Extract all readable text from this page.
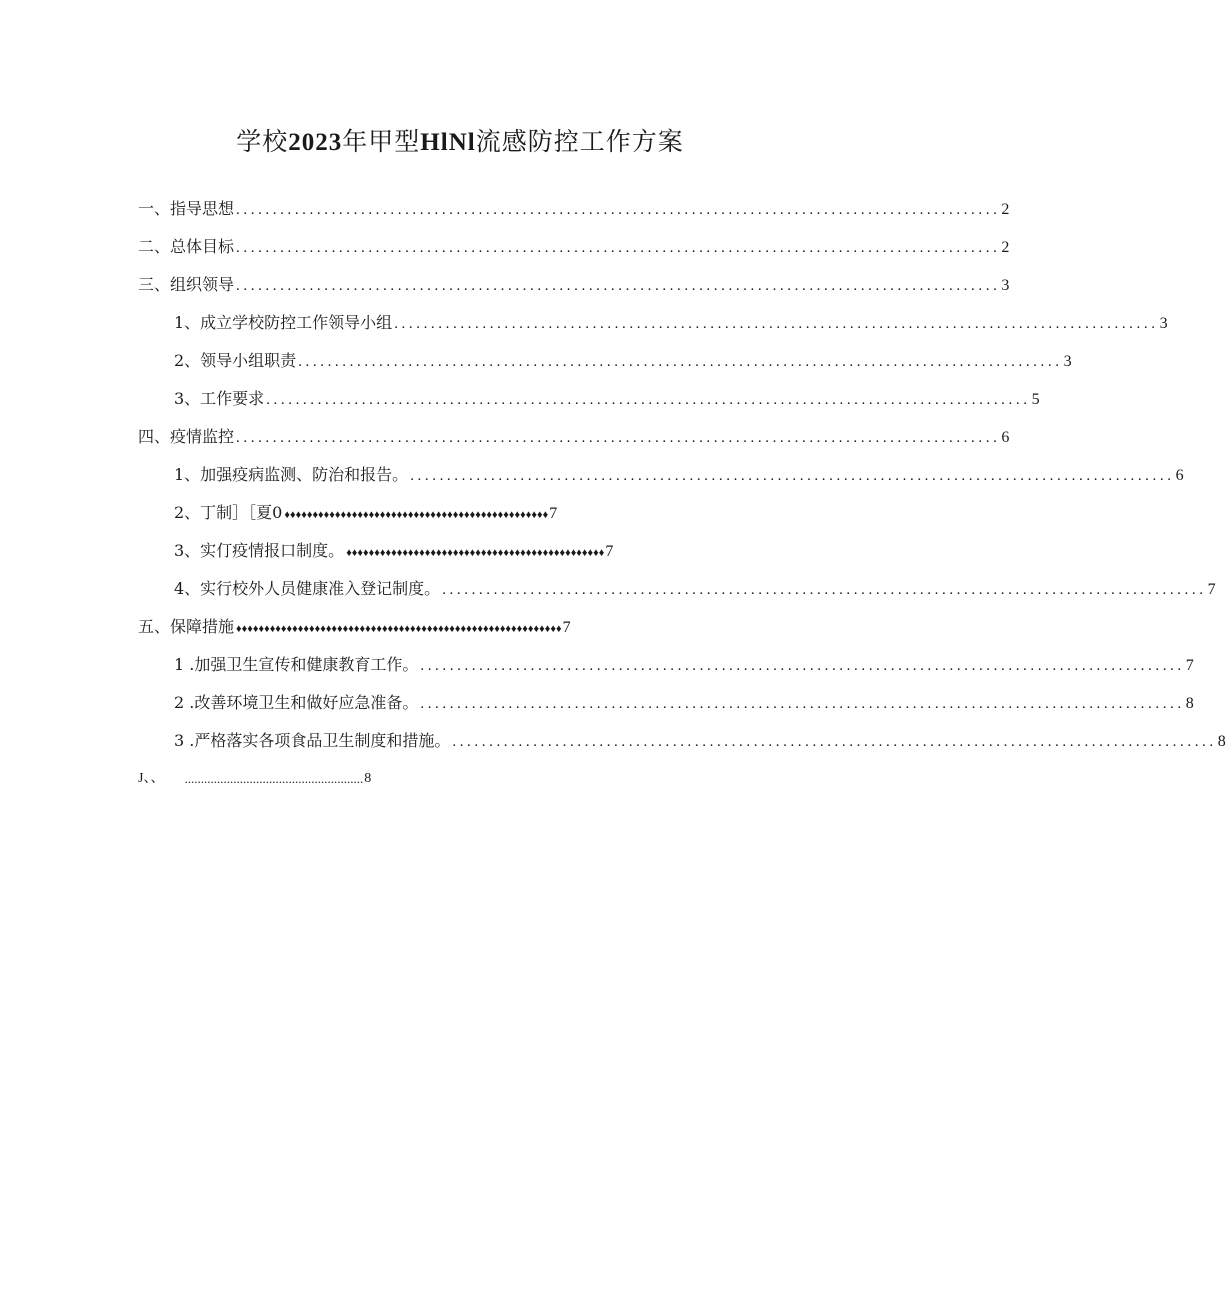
学校2023年甲型HlNl流感防控工作方案
一、指导思想 ........................................................................................................ 2
二、总体目标 ........................................................................................................ 2
三、组织领导 ........................................................................................................ 3
1、成立学校防控工作领导小组 ........................................................................................................ 3
2、领导小组职责 ........................................................................................................ 3
3、工作要求 ........................................................................................................ 5
四、疫情监控 ........................................................................................................ 6
1、加强疫病监测、防治和报告。 ........................................................................................................ 6
2、丁制］［夏0 ♦♦♦♦♦♦♦♦♦♦♦♦♦♦♦♦♦♦♦♦♦♦♦♦♦♦♦♦♦♦♦♦♦♦♦♦♦♦♦♦♦♦♦♦♦♦♦ 7
3、实仃疫情报口制度。 ♦♦♦♦♦♦♦♦♦♦♦♦♦♦♦♦♦♦♦♦♦♦♦♦♦♦♦♦♦♦♦♦♦♦♦♦♦♦♦♦♦♦♦♦♦♦ 7
4、实行校外人员健康准入登记制度。 ........................................................................................................ 7
五、保障措施 ♦♦♦♦♦♦♦♦♦♦♦♦♦♦♦♦♦♦♦♦♦♦♦♦♦♦♦♦♦♦♦♦♦♦♦♦♦♦♦♦♦♦♦♦♦♦♦♦♦♦♦♦♦♦♦♦♦♦ 7
1 .加强卫生宣传和健康教育工作。 ........................................................................................................ 7
2 .改善环境卫生和做好应急准备。 ........................................................................................................ 8
3 .严格落实各项食品卫生制度和措施。 ........................................................................................................ 8
J、、	....................................................... 8
